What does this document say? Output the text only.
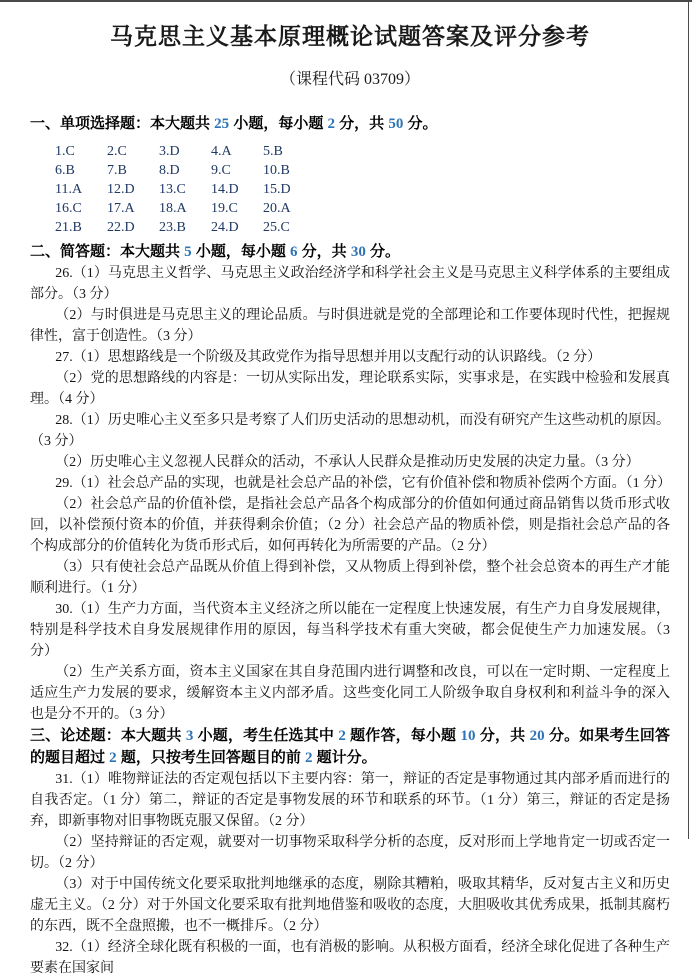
马克思主义基本原理概论试题答案及评分参考
（课程代码 03709）
一、单项选择题：本大题共 25 小题，每小题 2 分，共 50 分。
1.C	2.C	3.D	4.A	5.B
6.B	7.B	8.D	9.C	10.B
11.A	12.D	13.C	14.D	15.D
16.C	17.A	18.A	19.C	20.A
21.B	22.D	23.B	24.D	25.C
二、简答题：本大题共 5 小题，每小题 6 分，共 30 分。

26.（1）马克思主义哲学、马克思主义政治经济学和科学社会主义是马克思主义科学体系的主要组成部分。（3 分）

（2）与时俱进是马克思主义的理论品质。与时俱进就是党的全部理论和工作要体现时代性，把握规律性，富于创造性。（3 分）

27.（1）思想路线是一个阶级及其政党作为指导思想并用以支配行动的认识路线。（2 分）

（2）党的思想路线的内容是：一切从实际出发，理论联系实际，实事求是，在实践中检验和发展真理。（4 分）

28.（1）历史唯心主义至多只是考察了人们历史活动的思想动机，而没有研究产生这些动机的原因。（3 分）

（2）历史唯心主义忽视人民群众的活动，不承认人民群众是推动历史发展的决定力量。（3 分）

29.（1）社会总产品的实现，也就是社会总产品的补偿，它有价值补偿和物质补偿两个方面。（1 分）

（2）社会总产品的价值补偿，是指社会总产品各个构成部分的价值如何通过商品销售以货币形式收回，以补偿预付资本的价值，并获得剩余价值；（2 分）社会总产品的物质补偿，则是指社会总产品的各个构成部分的价值转化为货币形式后，如何再转化为所需要的产品。（2 分）

（3）只有使社会总产品既从价值上得到补偿，又从物质上得到补偿，整个社会总资本的再生产才能顺利进行。（1 分）

30.（1）生产力方面，当代资本主义经济之所以能在一定程度上快速发展，有生产力自身发展规律，特别是科学技术自身发展规律作用的原因，每当科学技术有重大突破，都会促使生产力加速发展。（3 分）

（2）生产关系方面，资本主义国家在其自身范围内进行调整和改良，可以在一定时期、一定程度上适应生产力发展的要求，缓解资本主义内部矛盾。这些变化同工人阶级争取自身权利和利益斗争的深入也是分不开的。（3 分）

三、论述题：本大题共 3 小题，考生任选其中 2 题作答，每小题 10 分，共 20 分。如果考生回答的题目超过 2 题，只按考生回答题目的前 2 题计分。

31.（1）唯物辩证法的否定观包括以下主要内容：第一，辩证的否定是事物通过其内部矛盾而进行的自我否定。（1 分）第二，辩证的否定是事物发展的环节和联系的环节。（1 分）第三，辩证的否定是扬弃，即新事物对旧事物既克服又保留。（2 分）

（2）坚持辩证的否定观，就要对一切事物采取科学分析的态度，反对形而上学地肯定一切或否定一切。（2 分）

（3）对于中国传统文化要采取批判地继承的态度，剔除其糟粕，吸取其精华，反对复古主义和历史虚无主义。（2 分）对于外国文化要采取有批判地借鉴和吸收的态度，大胆吸收其优秀成果，抵制其腐朽的东西，既不全盘照搬，也不一概排斥。（2 分）

32.（1）经济全球化既有积极的一面，也有消极的影响。从积极方面看，经济全球化促进了各种生产要素在国家间
